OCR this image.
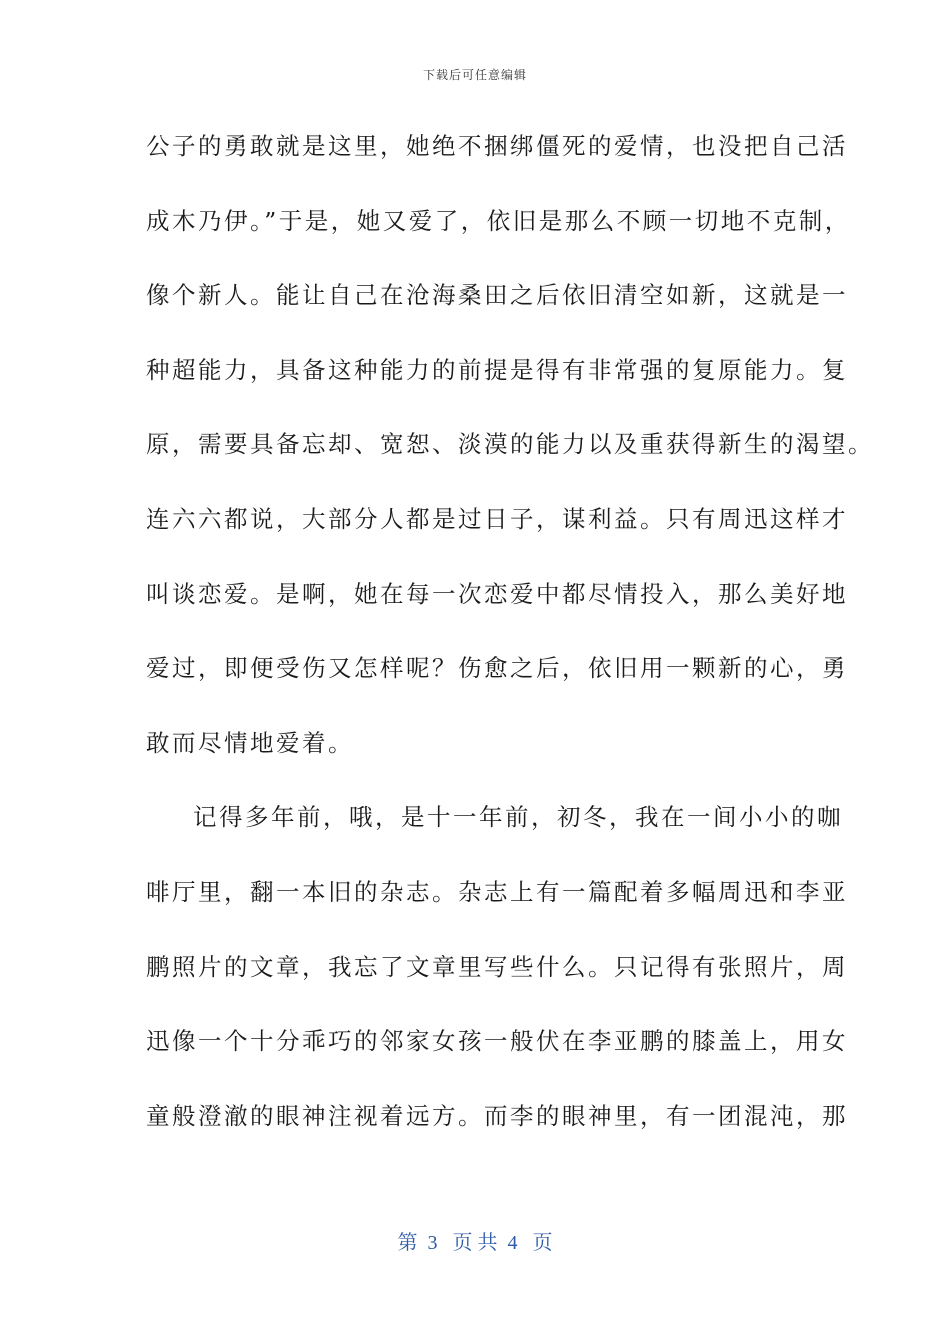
下载后可任意编辑
公子的勇敢就是这里，她绝不捆绑僵死的爱情，也没把自己活
成木乃伊。”于是，她又爱了，依旧是那么不顾一切地不克制，
像个新人。能让自己在沧海桑田之后依旧清空如新，这就是一
种超能力，具备这种能力的前提是得有非常强的复原能力。复
原，需要具备忘却、宽恕、淡漠的能力以及重获得新生的渴望。
连六六都说，大部分人都是过日子，谋利益。只有周迅这样才
叫谈恋爱。是啊，她在每一次恋爱中都尽情投入，那么美好地
爱过，即便受伤又怎样呢？伤愈之后，依旧用一颗新的心，勇
敢而尽情地爱着。
记得多年前，哦，是十一年前，初冬，我在一间小小的咖
啡厅里，翻一本旧的杂志。杂志上有一篇配着多幅周迅和李亚
鹏照片的文章，我忘了文章里写些什么。只记得有张照片，周
迅像一个十分乖巧的邻家女孩一般伏在李亚鹏的膝盖上，用女
童般澄澈的眼神注视着远方。而李的眼神里，有一团混沌，那
第  3   页 共  4   页
